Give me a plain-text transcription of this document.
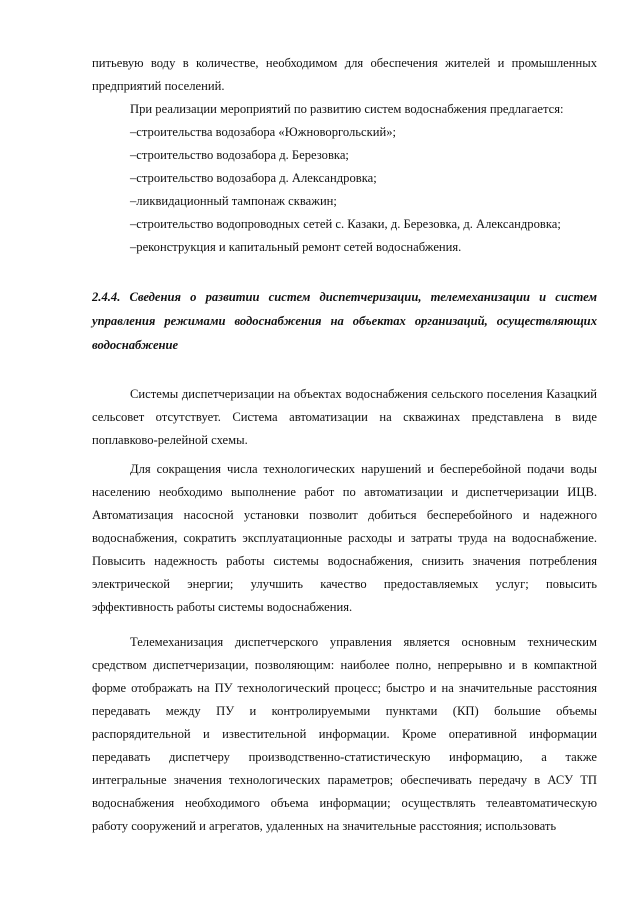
питьевую воду в количестве, необходимом для обеспечения жителей и промышленных предприятий поселений.

При реализации мероприятий по развитию систем водоснабжения предлагается:

–строительства водозабора «Южноворгольский»;
–строительство водозабора д. Березовка;
–строительство водозабора д. Александровка;
–ликвидационный тампонаж скважин;
–строительство водопроводных сетей с. Казаки, д. Березовка, д. Александровка;
–реконструкция и капитальный ремонт сетей водоснабжения.

2.4.4. Сведения о развитии систем диспетчеризации, телемеханизации и систем управления режимами водоснабжения на объектах организаций, осуществляющих водоснабжение

Системы диспетчеризации на объектах водоснабжения сельского поселения Казацкий сельсовет отсутствует. Система автоматизации на скважинах представлена в виде поплавково-релейной схемы.

Для сокращения числа технологических нарушений и бесперебойной подачи воды населению необходимо выполнение работ по автоматизации и диспетчеризации ИЦВ. Автоматизация насосной установки позволит добиться бесперебойного и надежного водоснабжения, сократить эксплуатационные расходы и затраты труда на водоснабжение. Повысить надежность работы системы водоснабжения, снизить значения потребления электрической энергии; улучшить качество предоставляемых услуг; повысить эффективность работы системы водоснабжения.

Телемеханизация диспетчерского управления является основным техническим средством диспетчеризации, позволяющим: наиболее полно, непрерывно и в компактной форме отображать на ПУ технологический процесс; быстро и на значительные расстояния передавать между ПУ и контролируемыми пунктами (КП) большие объемы распорядительной и известительной информации. Кроме оперативной информации передавать диспетчеру производственно-статистическую информацию, а также интегральные значения технологических параметров; обеспечивать передачу в АСУ ТП водоснабжения необходимого объема информации; осуществлять телеавтоматическую работу сооружений и агрегатов, удаленных на значительные расстояния; использовать
